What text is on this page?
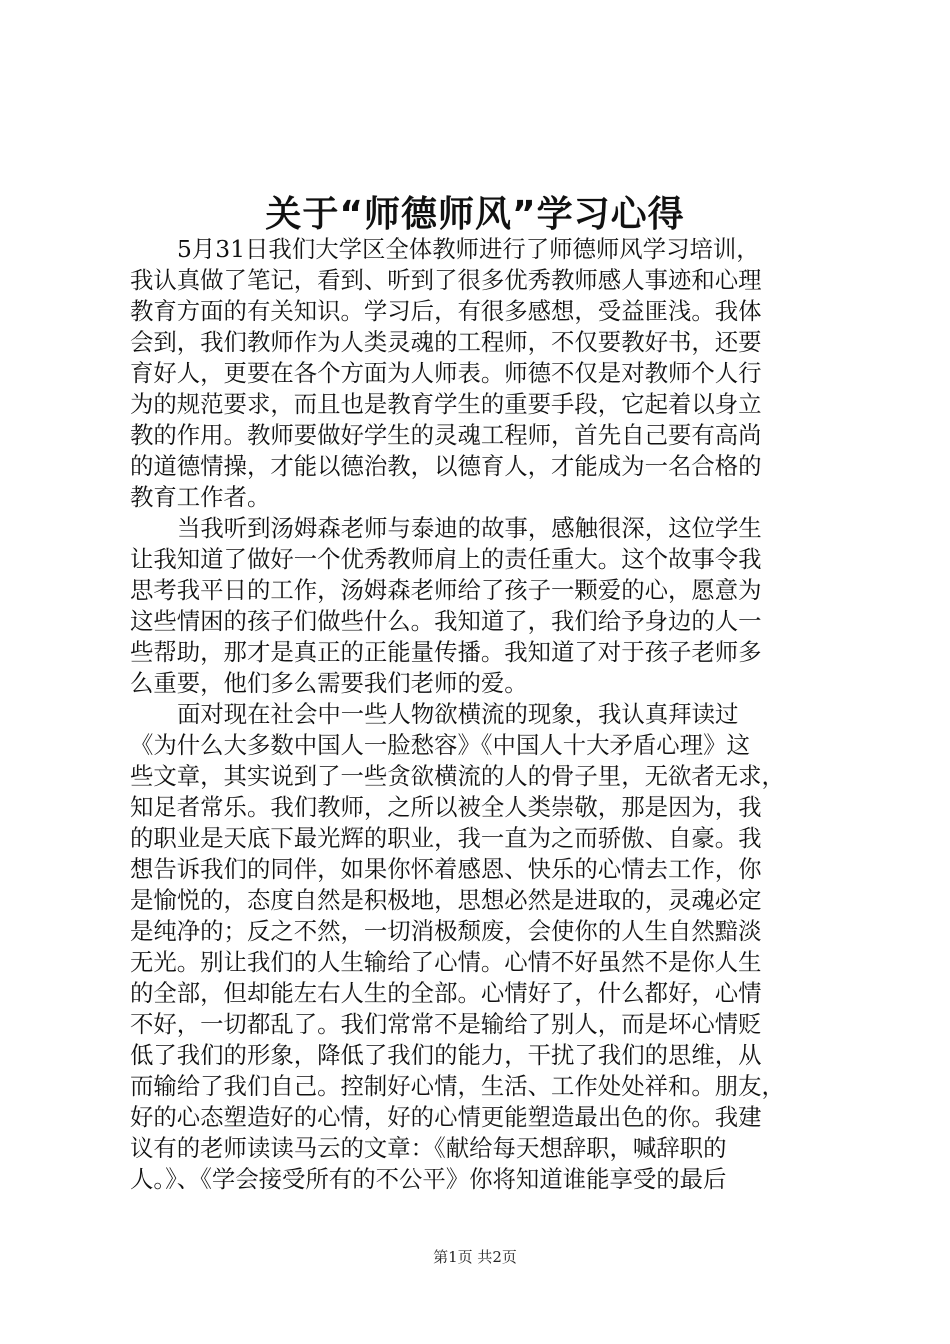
关于“师德师风”学习心得
5月31日我们大学区全体教师进行了师德师风学习培训，
我认真做了笔记，看到、听到了很多优秀教师感人事迹和心理
教育方面的有关知识。学习后，有很多感想，受益匪浅。我体
会到，我们教师作为人类灵魂的工程师，不仅要教好书，还要
育好人，更要在各个方面为人师表。师德不仅是对教师个人行
为的规范要求，而且也是教育学生的重要手段，它起着以身立
教的作用。教师要做好学生的灵魂工程师，首先自己要有高尚
的道德情操，才能以德治教，以德育人，才能成为一名合格的
教育工作者。
当我听到汤姆森老师与泰迪的故事，感触很深，这位学生
让我知道了做好一个优秀教师肩上的责任重大。这个故事令我
思考我平日的工作，汤姆森老师给了孩子一颗爱的心，愿意为
这些情困的孩子们做些什么。我知道了，我们给予身边的人一
些帮助，那才是真正的正能量传播。我知道了对于孩子老师多
么重要，他们多么需要我们老师的爱。
面对现在社会中一些人物欲横流的现象，我认真拜读过
《为什么大多数中国人一脸愁容》《中国人十大矛盾心理》这
些文章，其实说到了一些贪欲横流的人的骨子里，无欲者无求，
知足者常乐。我们教师，之所以被全人类崇敬，那是因为，我
的职业是天底下最光辉的职业，我一直为之而骄傲、自豪。我
想告诉我们的同伴，如果你怀着感恩、快乐的心情去工作，你
是愉悦的，态度自然是积极地，思想必然是进取的，灵魂必定
是纯净的；反之不然，一切消极颓废，会使你的人生自然黯淡
无光。别让我们的人生输给了心情。心情不好虽然不是你人生
的全部，但却能左右人生的全部。心情好了，什么都好，心情
不好，一切都乱了。我们常常不是输给了别人，而是坏心情贬
低了我们的形象，降低了我们的能力，干扰了我们的思维，从
而输给了我们自己。控制好心情，生活、工作处处祥和。朋友，
好的心态塑造好的心情，好的心情更能塑造最出色的你。我建
议有的老师读读马云的文章：《献给每天想辞职，喊辞职的
人。》、《学会接受所有的不公平》你将知道谁能享受的最后
第1页 共2页
